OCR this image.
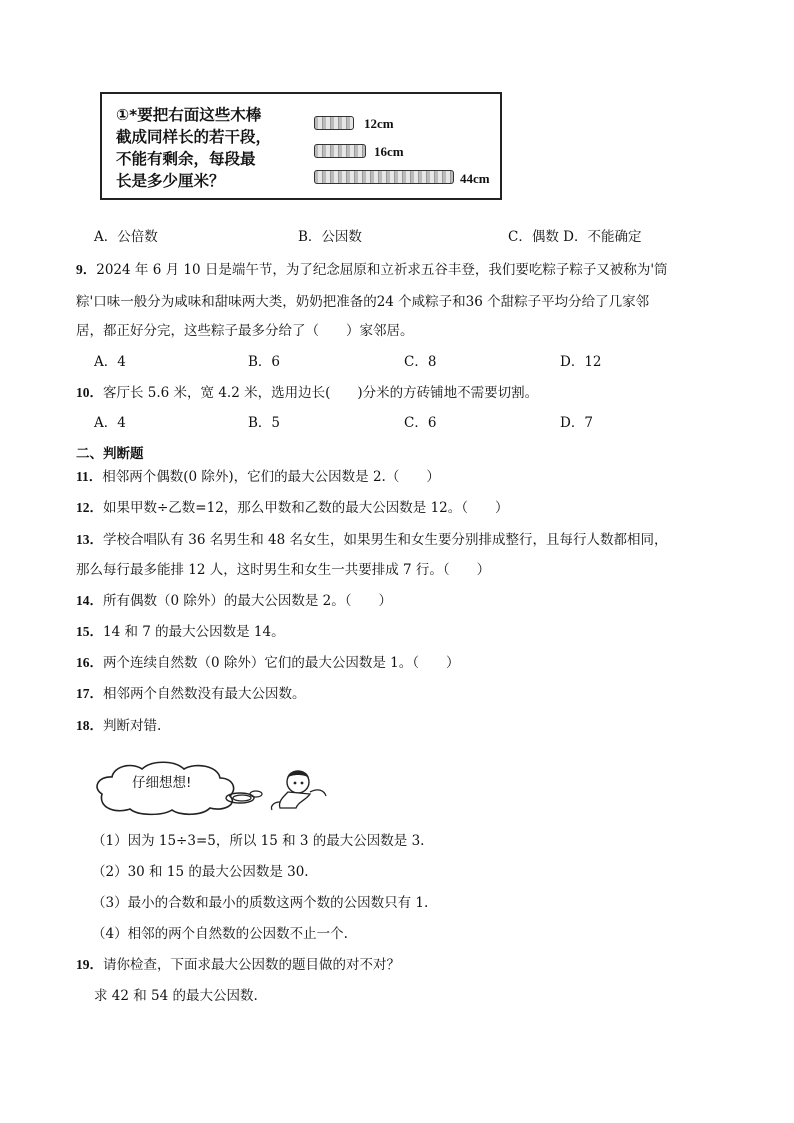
①*要把右面这些木棒
截成同样长的若干段，
不能有剩余，每段最
长是多少厘米？
12cm
16cm
44cm
A．公倍数	B．公因数	C．偶数 D．不能确定
9．2024 年 6 月 10 日是端午节，为了纪念屈原和立祈求五谷丰登，我们要吃粽子粽子又被称为'筒
粽'口味一般分为咸味和甜味两大类，奶奶把准备的24 个咸粽子和36 个甜粽子平均分给了几家邻
居，都正好分完，这些粽子最多分给了（　　）家邻居。
A．4	B．6	C．8	D．12
10．客厅长 5.6 米，宽 4.2 米，选用边长(　　)分米的方砖铺地不需要切割。
A．4	B．5	C．6	D．7
二、判断题
11．相邻两个偶数(0 除外)，它们的最大公因数是 2.（　　）
12．如果甲数÷乙数=12，那么甲数和乙数的最大公因数是 12。（　　）
13．学校合唱队有 36 名男生和 48 名女生，如果男生和女生要分别排成整行，且每行人数都相同，
那么每行最多能排 12 人，这时男生和女生一共要排成 7 行。（　　）
14．所有偶数（0 除外）的最大公因数是 2。（　　）
15．14 和 7 的最大公因数是 14。
16．两个连续自然数（0 除外）它们的最大公因数是 1。（　　）
17．相邻两个自然数没有最大公因数。
18．判断对错.
仔细想想!
（1）因为 15÷3=5，所以 15 和 3 的最大公因数是 3.
（2）30 和 15 的最大公因数是 30.
（3）最小的合数和最小的质数这两个数的公因数只有 1.
（4）相邻的两个自然数的公因数不止一个.
19．请你检查，下面求最大公因数的题目做的对不对？
求 42 和 54 的最大公因数.
